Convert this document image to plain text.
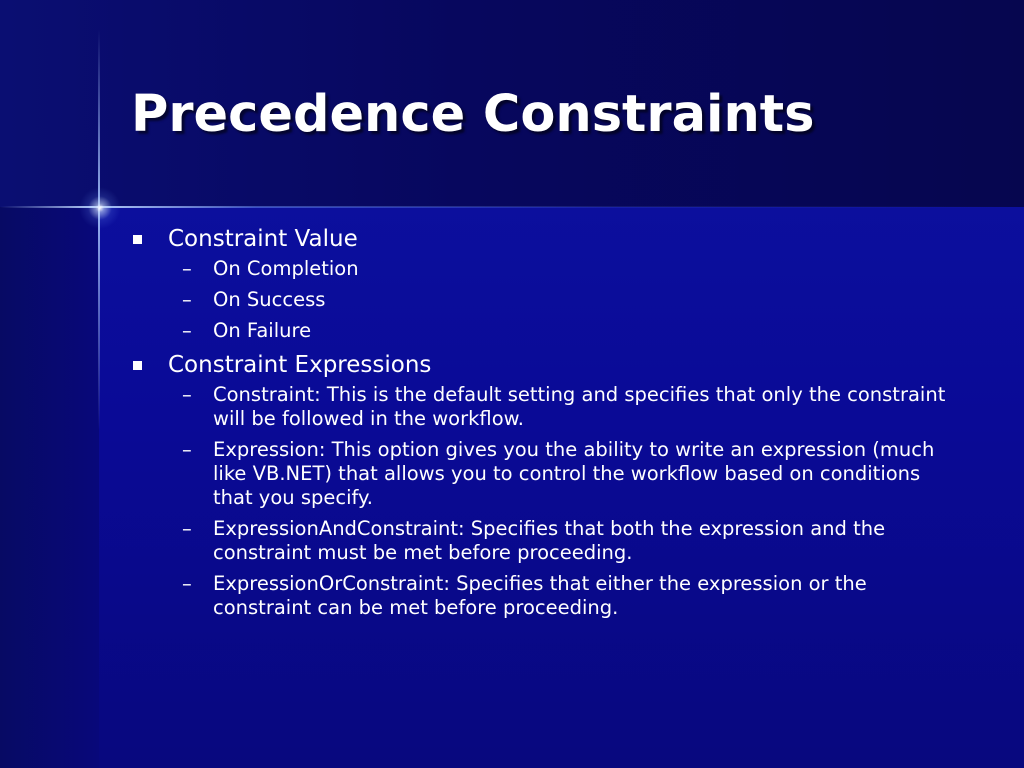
Precedence Constraints
Constraint Value
– On Completion
– On Success
– On Failure
Constraint Expressions
– Constraint: This is the default setting and specifies that only the constraint will be followed in the workflow.
– Expression: This option gives you the ability to write an expression (much like VB.NET) that allows you to control the workflow based on conditions that you specify.
– ExpressionAndConstraint: Specifies that both the expression and the constraint must be met before proceeding.
– ExpressionOrConstraint: Specifies that either the expression or the constraint can be met before proceeding.
